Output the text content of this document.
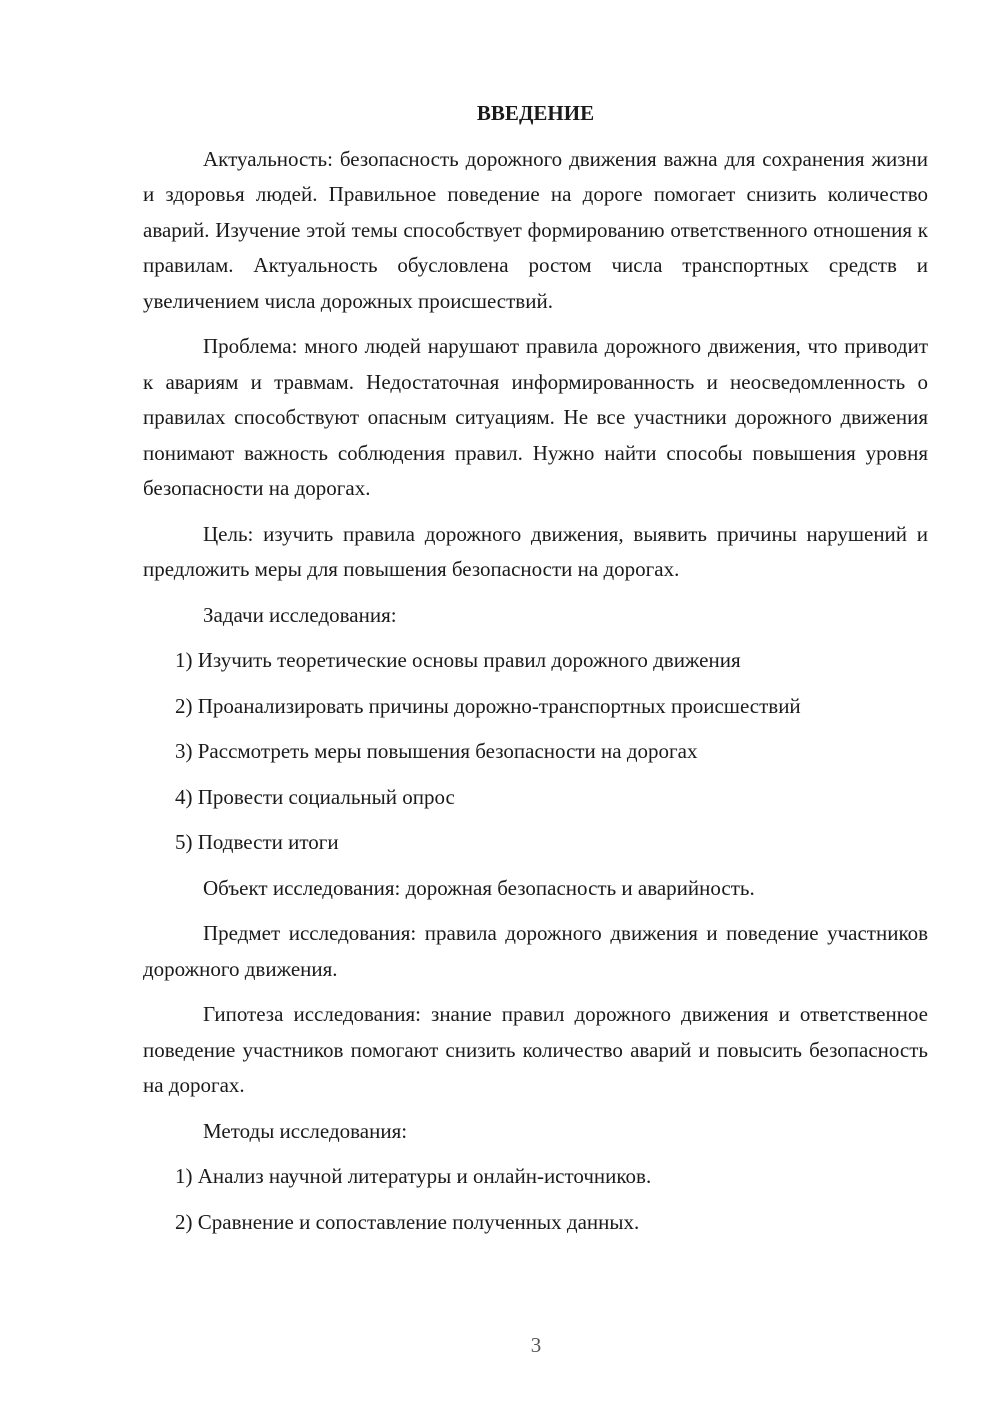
ВВЕДЕНИЕ

Актуальность: безопасность дорожного движения важна для сохранения жизни и здоровья людей. Правильное поведение на дороге помогает снизить количество аварий. Изучение этой темы способствует формированию ответственного отношения к правилам. Актуальность обусловлена ростом числа транспортных средств и увеличением числа дорожных происшествий.

Проблема: много людей нарушают правила дорожного движения, что приводит к авариям и травмам. Недостаточная информированность и неосведомленность о правилах способствуют опасным ситуациям. Не все участники дорожного движения понимают важность соблюдения правил. Нужно найти способы повышения уровня безопасности на дорогах.

Цель: изучить правила дорожного движения, выявить причины нарушений и предложить меры для повышения безопасности на дорогах.

Задачи исследования:
1) Изучить теоретические основы правил дорожного движения
2) Проанализировать причины дорожно-транспортных происшествий
3) Рассмотреть меры повышения безопасности на дорогах
4) Провести социальный опрос
5) Подвести итоги
Объект исследования: дорожная безопасность и аварийность.

Предмет исследования: правила дорожного движения и поведение участников дорожного движения.

Гипотеза исследования: знание правил дорожного движения и ответственное поведение участников помогают снизить количество аварий и повысить безопасность на дорогах.

Методы исследования:
1) Анализ научной литературы и онлайн-источников.
2) Сравнение и сопоставление полученных данных.
3
